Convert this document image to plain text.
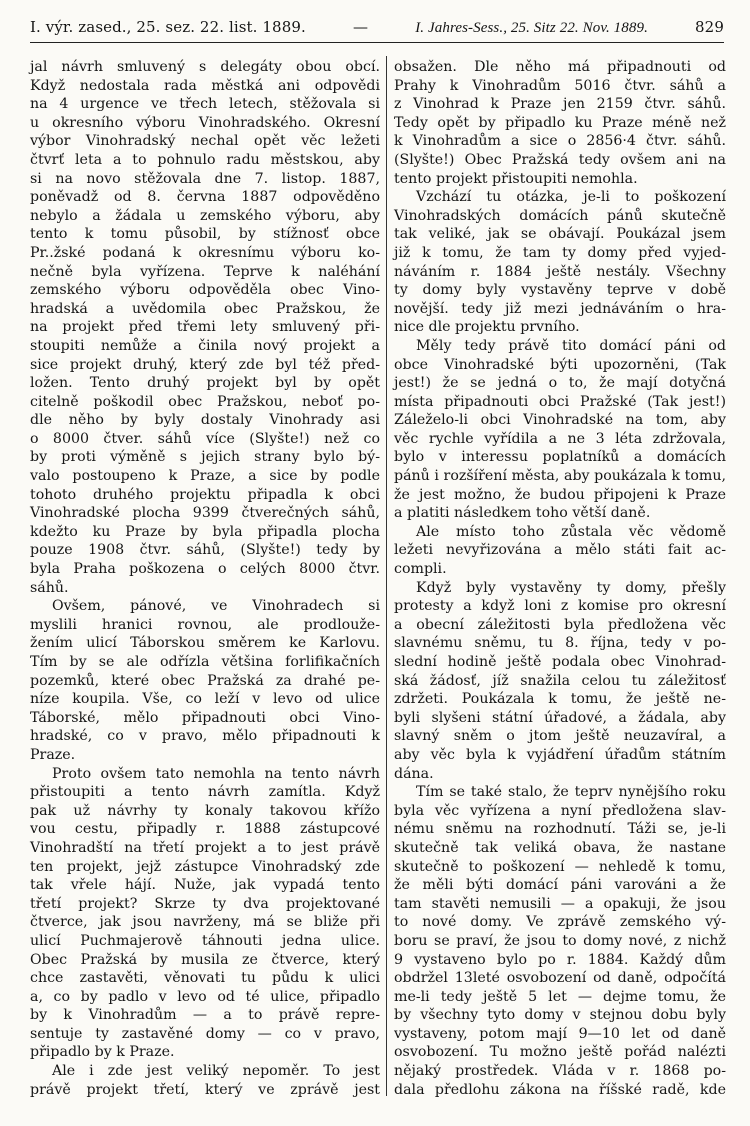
I. výr. zased., 25. sez. 22. list. 1889.	—	I. Jahres-Sess., 25. Sitz 22. Nov. 1889.	829
jal návrh smluvený s delegáty obou obcí.
Když nedostala rada městká ani odpovědi
na 4 urgence ve třech letech, stěžovala si
u okresního výboru Vinohradského. Okresní
výbor Vinohradský nechal opět věc ležeti
čtvrť leta a to pohnulo radu městskou, aby
si na novo stěžovala dne 7. listop. 1887,
poněvadž od 8. června 1887 odpověděno
nebylo a žádala u zemského výboru, aby
tento k tomu působil, by stížnosť obce
Pr..žské podaná k okresnímu výboru ko-
nečně byla vyřízena. Teprve k naléhání
zemského výboru odpověděla obec Vino-
hradská a uvědomila obec Pražskou, že
na projekt před třemi lety smluvený při-
stoupiti nemůže a činila nový projekt a
sice projekt druhý, který zde byl též před-
ložen. Tento druhý projekt byl by opět
citelně poškodil obec Pražskou, neboť po-
dle něho by byly dostaly Vinohrady asi
o 8000 čtver. sáhů více (Slyšte!) než co
by proti výměně s jejich strany bylo bý-
valo postoupeno k Praze, a sice by podle
tohoto druhého projektu připadla k obci
Vinohradské plocha 9399 čtverečných sáhů,
kdežto ku Praze by byla připadla plocha
pouze 1908 čtvr. sáhů, (Slyšte!) tedy by
byla Praha poškozena o celých 8000 čtvr.
sáhů.
Ovšem, pánové, ve Vinohradech si
myslili hranici rovnou, ale prodlouže-
žením ulicí Táborskou směrem ke Karlovu.
Tím by se ale odřízla většina forlifikačních
pozemků, které obec Pražská za drahé pe-
níze koupila. Vše, co leží v levo od ulice
Táborské, mělo připadnouti obci Vino-
hradské, co v pravo, mělo připadnouti k
Praze.
Proto ovšem tato nemohla na tento návrh
přistoupiti a tento návrh zamítla. Když
pak už návrhy ty konaly takovou křížo
vou cestu, připadly r. 1888 zástupcové
Vinohradští na třetí projekt a to jest právě
ten projekt, jejž zástupce Vinohradský zde
tak vřele hájí. Nuže, jak vypadá tento
třetí projekt? Skrze ty dva projektované
čtverce, jak jsou navrženy, má se bliže při
ulicí Puchmajerově táhnouti jedna ulice.
Obec Pražská by musila ze čtverce, který
chce zastavěti, věnovati tu půdu k ulici
a, co by padlo v levo od té ulice, připadlo
by k Vinohradům — a to právě repre-
sentuje ty zastavěné domy — co v pravo,
připadlo by k Praze.
Ale i zde jest veliký nepoměr. To jest
právě projekt třetí, který ve zprávě jest
obsažen. Dle něho má připadnouti od
Prahy k Vinohradům 5016 čtvr. sáhů a
z Vinohrad k Praze jen 2159 čtvr. sáhů.
Tedy opět by připadlo ku Praze méně než
k Vinohradům a sice o 2856·4 čtvr. sáhů.
(Slyšte!) Obec Pražská tedy ovšem ani na
tento projekt přistoupiti nemohla.
Vzchází tu otázka, je-li to poškození
Vinohradských domácích pánů skutečně
tak veliké, jak se obávají. Poukázal jsem
již k tomu, že tam ty domy před vyjed-
náváním r. 1884 ještě nestály. Všechny
ty domy byly vystavěny teprve v době
novější. tedy již mezi jednáváním o hra-
nice dle projektu prvního.
Měly tedy právě tito domácí páni od
obce Vinohradské býti upozorněni, (Tak
jest!) že se jedná o to, že mají dotyčná
místa připadnouti obci Pražské (Tak jest!)
Záleželo-li obci Vinohradské na tom, aby
věc rychle vyřídila a ne 3 léta zdržovala,
bylo v interessu poplatníků a domácích
pánů i rozšíření města, aby poukázala k tomu,
že jest možno, že budou připojeni k Praze
a platiti následkem toho větší daně.
Ale místo toho zůstala věc vědomě
ležeti nevyřizována a mělo státi fait ac-
compli.
Když byly vystavěny ty domy, přešly
protesty a když loni z komise pro okresní
a obecní záležitosti byla předložena věc
slavnému sněmu, tu 8. října, tedy v po-
slední hodině ještě podala obec Vinohrad-
ská žádosť, jíž snažila celou tu záležitosť
zdržeti. Poukázala k tomu, že ještě ne-
byli slyšeni státní úřadové, a žádala, aby
slavný sněm o jtom ještě neuzavíral, a
aby věc byla k vyjádření úřadům státním
dána.
Tím se také stalo, že teprv nynějšího roku
byla věc vyřízena a nyní předložena slav-
nému sněmu na rozhodnutí. Táži se, je-li
skutečně tak veliká obava, že nastane
skutečně to poškození — nehledě k tomu,
že měli býti domácí páni varováni a že
tam stavěti nemusili — a opakuji, že jsou
to nové domy. Ve zprávě zemského vý-
boru se praví, že jsou to domy nové, z nichž
9 vystaveno bylo po r. 1884. Každý dům
obdržel 13leté osvobození od daně, odpočítá
me-li tedy ještě 5 let — dejme tomu, že
by všechny tyto domy v stejnou dobu byly
vystaveny, potom mají 9—10 let od daně
osvobození. Tu možno ještě pořád nalézti
nějaký prostředek. Vláda v r. 1868 po-
dala předlohu zákona na říšské radě, kde
